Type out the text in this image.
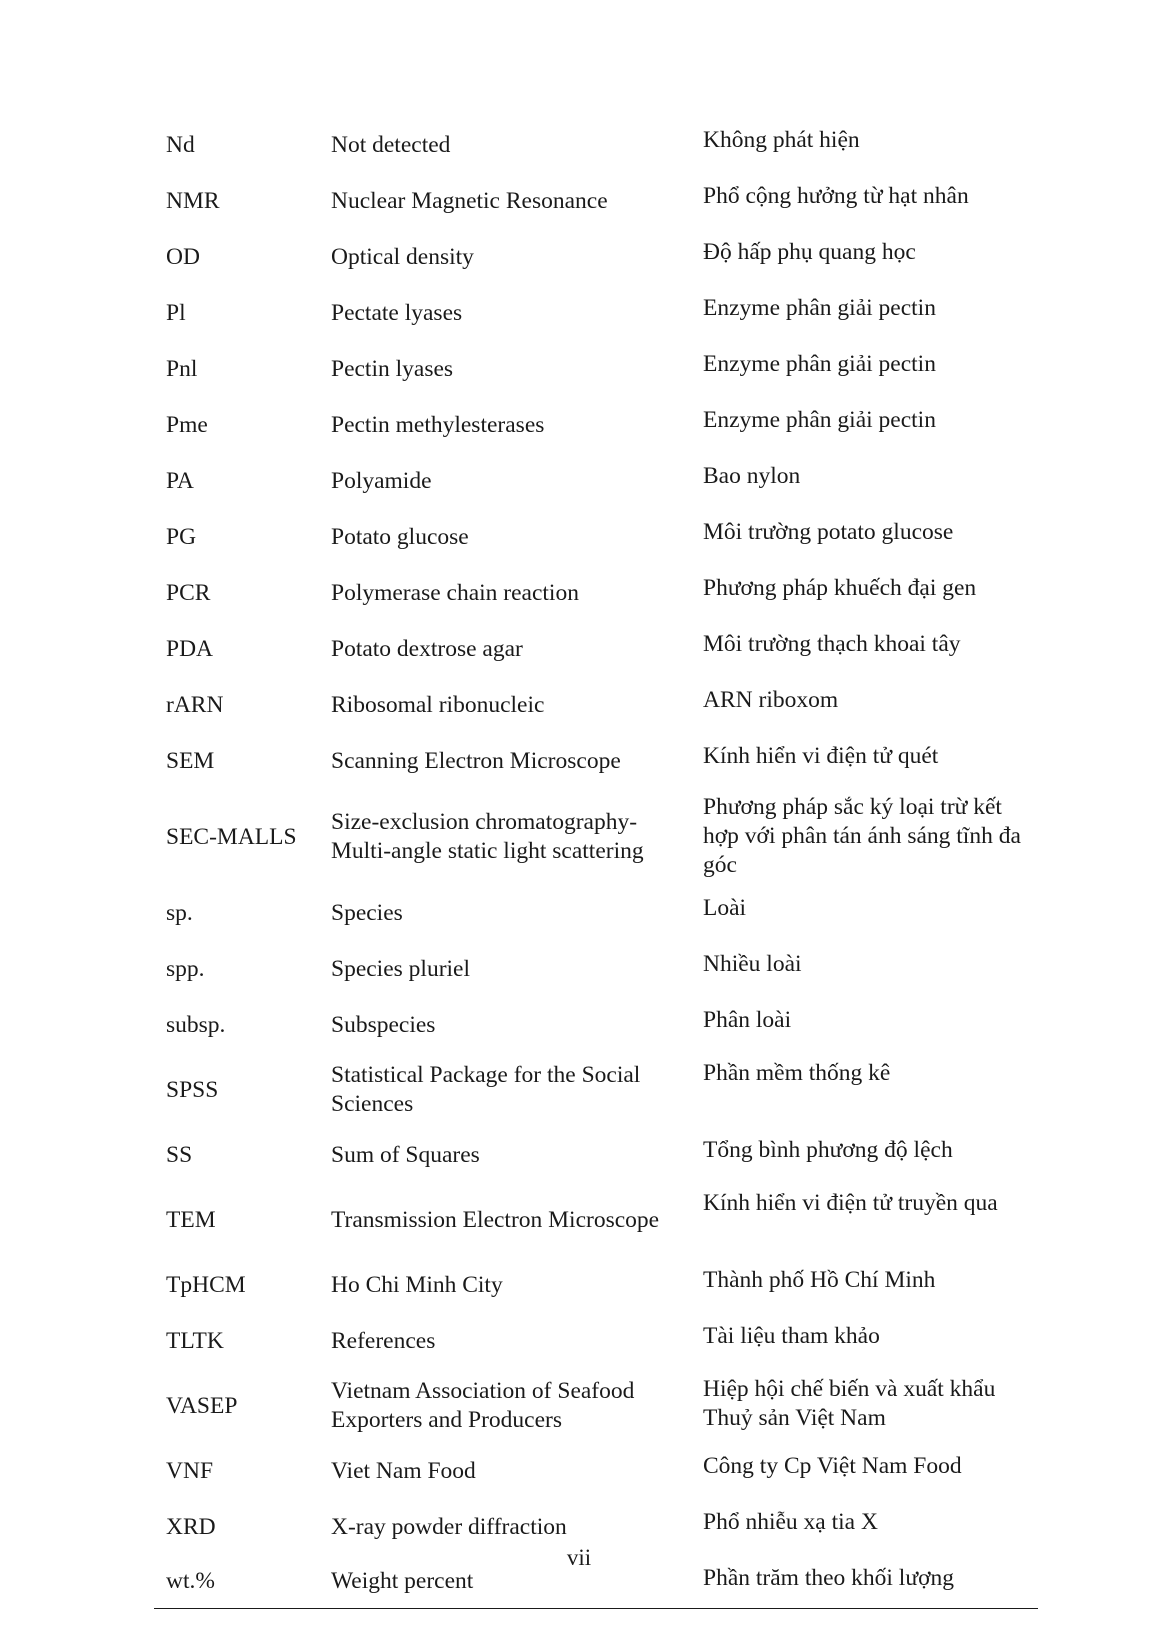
Nd	Not detected	Không phát hiện
NMR	Nuclear Magnetic Resonance	Phổ cộng hưởng từ hạt nhân
OD	Optical density	Độ hấp phụ quang học
Pl	Pectate lyases	Enzyme phân giải pectin
Pnl	Pectin lyases	Enzyme phân giải pectin
Pme	Pectin methylesterases	Enzyme phân giải pectin
PA	Polyamide	Bao nylon
PG	Potato glucose	Môi trường potato glucose
PCR	Polymerase chain reaction	Phương pháp khuếch đại gen
PDA	Potato dextrose agar	Môi trường thạch khoai tây
rARN	Ribosomal ribonucleic	ARN riboxom
SEM	Scanning Electron Microscope	Kính hiển vi điện tử quét
SEC-MALLS	Size-exclusion chromatography-Multi-angle static light scattering	Phương pháp sắc ký loại trừ kết hợp với phân tán ánh sáng tĩnh đa góc
sp.	Species	Loài
spp.	Species pluriel	Nhiều loài
subsp.	Subspecies	Phân loài
SPSS	Statistical Package for the Social Sciences	Phần mềm thống kê
SS	Sum of Squares	Tổng bình phương độ lệch
TEM	Transmission Electron Microscope	Kính hiển vi điện tử truyền qua
TpHCM	Ho Chi Minh City	Thành phố Hồ Chí Minh
TLTK	References	Tài liệu tham khảo
VASEP	Vietnam Association of Seafood Exporters and Producers	Hiệp hội chế biến và xuất khẩu Thuỷ sản Việt Nam
VNF	Viet Nam Food	Công ty Cp Việt Nam Food
XRD	X-ray powder diffraction	Phổ nhiễu xạ tia X
wt.%	Weight percent	Phần trăm theo khối lượng
vii
